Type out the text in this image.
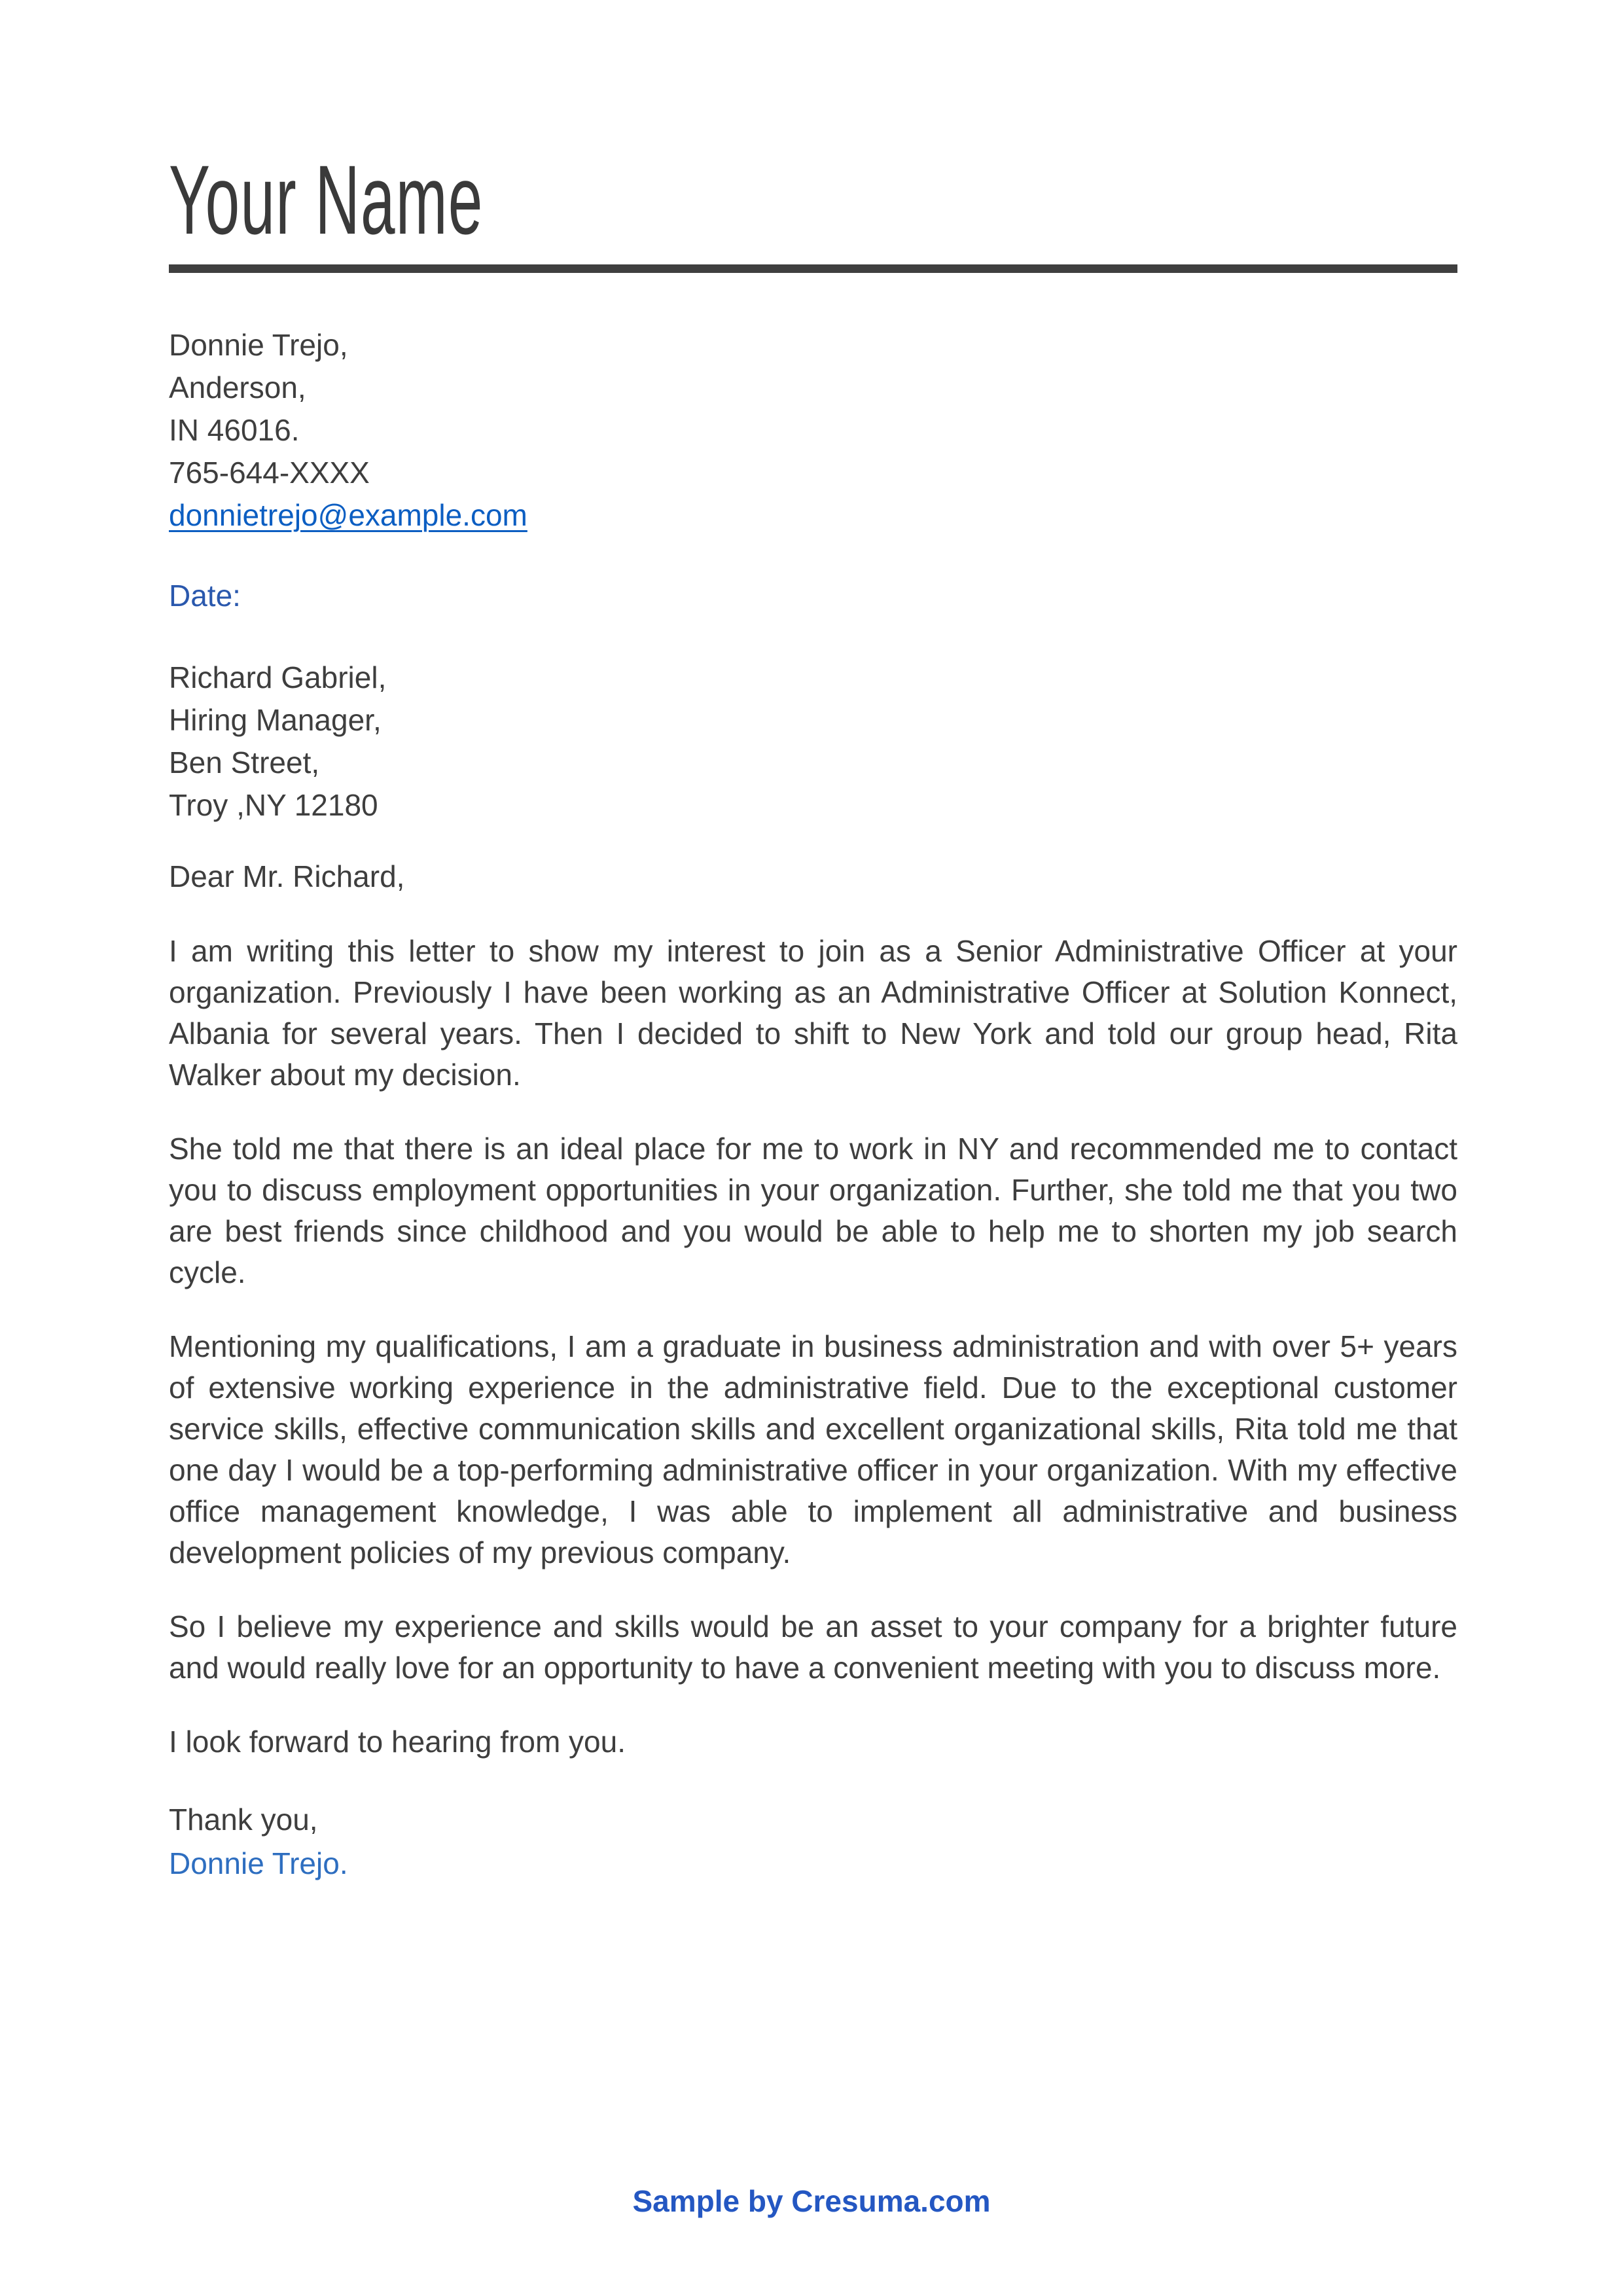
Your Name
Donnie Trejo,
Anderson,
IN 46016.
765-644-XXXX
donnietrejo@example.com
Date:
Richard Gabriel,
Hiring Manager,
Ben Street,
Troy ,NY 12180
Dear Mr. Richard,

I am writing this letter to show my interest to join as a Senior Administrative Officer at your organization. Previously I have been working as an Administrative Officer at Solution Konnect, Albania for several years. Then I decided to shift to New York and told our group head, Rita Walker about my decision.

She told me that there is an ideal place for me to work in NY and recommended me to contact you to discuss employment opportunities in your organization. Further, she told me that you two are best friends since childhood and you would be able to help me to shorten my job search cycle.

Mentioning my qualifications, I am a graduate in business administration and with over 5+ years of extensive working experience in the administrative field. Due to the exceptional customer service skills, effective communication skills and excellent organizational skills, Rita told me that one day I would be a top-performing administrative officer in your organization. With my effective office management knowledge, I was able to implement all administrative and business development policies of my previous company.

So I believe my experience and skills would be an asset to your company for a brighter future and would really love for an opportunity to have a convenient meeting with you to discuss more.

I look forward to hearing from you.

Thank you,
Donnie Trejo.
Sample by Cresuma.com
